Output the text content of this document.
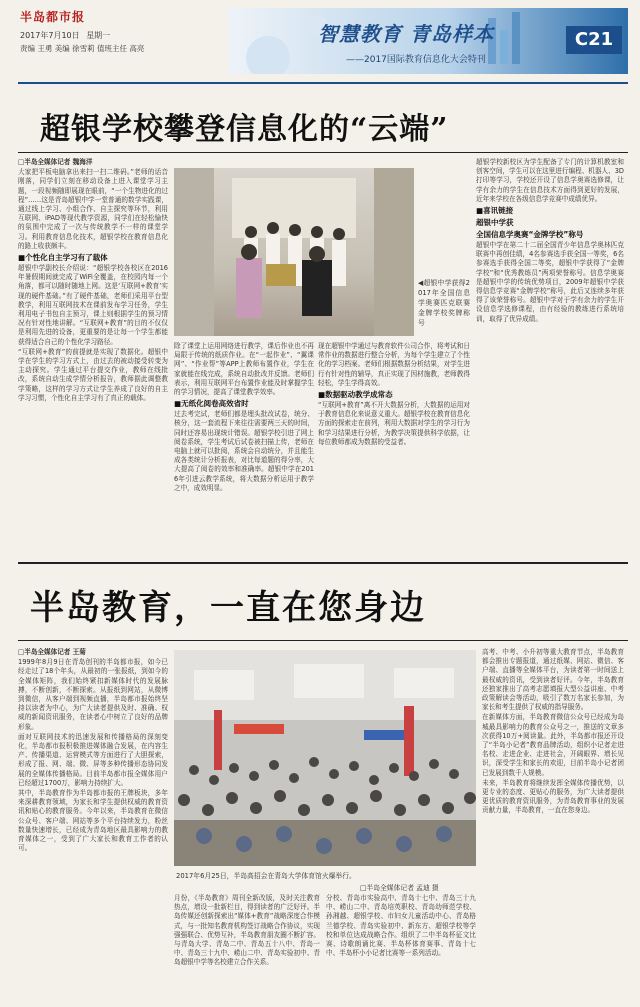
半岛都市报
2017年7月10日 星期一
责编 王勇 美编 徐雪莉 值班主任 高亮
智慧教育 青岛样本
——2017国际教育信息化大会特刊
C21
超银学校攀登信息化的“云端”

□半岛全媒体记者 魏海洋

大家把平板电脑拿出来扫一扫二维码。”老师的话音刚落，同学们立刻在移动设备上进入课堂学习主题，一段视频随即展现在眼前，“一个生物进化的过程”……这是青岛超银中学一堂普通的数学实践课，通过线上学习、小组合作、自主探究等环节，利用互联网、iPAD等现代教学资源，同学们在轻松愉快的氛围中完成了一次与传统教学不一样的课堂学习。利用教育信息化技术，超银学校在教育信息化的路上收获颇丰。

■个性化自主学习有了载体

超银中学副校长介绍说：“超银学校各校区在2016年暑假期间就完成了WiFi全覆盖，在校园内每一个角落，都可以随时随地上网。这是‘互联网+教育’实现的硬件基础。”有了硬件基础，老师们采用平台型教学，利用互联网技术在课前发布学习任务，学生利用电子书包自主预习，课上则根据学生的预习情况有针对性地讲解。“互联网+教育”的目的不仅仅是利用先进的设备，更重要的是让每一个学生都能获得适合自己的个性化学习路径。

“互联网+教育”的前提就是实现了数据化。超银中学在学生的学习方式上，由过去的被动接受转变为主动探究。学生通过平台提交作业，教师在线批改，系统自动生成学情分析报告，教师据此调整教学策略，这样的学习方式让学生养成了良好的自主学习习惯，个性化自主学习有了真正的载体。

◀超银中学获得2017年全国信息学奥赛匹克联赛金牌学校奖牌称号

除了课堂上运用网络进行教学，课后作业也不再局限于传统的纸质作业。在“一起作业”、“翼课网”、“作业帮”等APP上教师布置作业，学生在家就能在线完成，系统自动批改并反馈。老师们表示，利用互联网平台布置作业能及时掌握学生的学习情况，提高了课堂教学效率。

■无纸化阅卷高效省时

过去考完试，老师们都是埋头批改试卷，统分、核分，这一套流程下来往往需要两三天的时间，同时还容易出现统计错误。超银学校引进了网上阅卷系统，学生考试后试卷被扫描上传，老师在电脑上就可以批阅，系统会自动统分，并且能生成各类统计分析报表，对比每道题的得分率，大大提高了阅卷的效率和准确率。超银中学在2016年引进云教学系统，将大数据分析运用于教学之中，成效明显。

现在超银中学通过与教育软件公司合作，将考试和日常作业的数据进行整合分析，为每个学生建立了个性化的学习档案。老师们根据数据分析结果，对学生进行有针对性的辅导，真正实现了因材施教，老师教得轻松，学生学得高效。

■数据驱动教学成常态

“互联网+教育”离不开大数据分析，大数据的运用对于教育信息化来说意义重大。超银学校在教育信息化方面的探索走在前列，利用大数据对学生的学习行为和学习结果进行分析，为教学决策提供科学依据，让每位教师都成为数据的受益者。

超银学校新校区为学生配备了专门的计算机教室和创客空间，学生可以在这里进行编程、机器人、3D打印等学习，学校还开设了信息学奥赛选修课，让学有余力的学生在信息技术方面得到更好的发展，近年来学校在各级信息学竞赛中成绩优异。

■喜讯链接

超银中学获

全国信息学奥赛“金牌学校”称号

超银中学在第二十二届全国青少年信息学奥林匹克联赛中再创佳绩，4名参赛选手获全国一等奖，6名参赛选手获得全国二等奖，超银中学获得了“金牌学校”和“优秀教练员”两项荣誉称号。信息学奥赛是超银中学的传统优势项目，2009年超银中学获得信息学竞赛“金牌学校”称号，此后又连续多年获得了该荣誉称号。超银中学对于学有余力的学生开设信息学选修课程，由有经验的教练进行系统培训，取得了优异成绩。

半岛教育，一直在您身边

□半岛全媒体记者 王菊

1999年8月9日在青岛创刊的半岛都市报，如今已经走过了18个年头，从最初的一张报纸，到如今的全媒体矩阵，我们始终紧扣新媒体时代的发展脉搏，不断创新，不断探索。从报纸到网站，从微博到微信，从客户端到视频直播，半岛都市报始终坚持以读者为中心，为广大读者提供及时、准确、权威的新闻资讯服务，在读者心中树立了良好的品牌形象。

面对互联网技术的迅速发展和传播格局的深刻变化，半岛都市报积极推进媒体融合发展，在内容生产、传播渠道、运营模式等方面进行了大胆探索，形成了报、网、端、微、屏等多种传播形态协同发展的全媒体传播格局。目前半岛都市报全媒体用户已经超过1700万，影响力持续扩大。

其中，半岛教育作为半岛都市报的王牌板块，多年来深耕教育领域，为家长和学生提供权威的教育资讯和贴心的教育服务。今年以来，半岛教育在微信公众号、客户端、网站等多个平台持续发力，粉丝数量快速增长，已经成为青岛地区最具影响力的教育媒体之一，受到了广大家长和教育工作者的认可。

2017年6月25日，半岛高招会在青岛大学体育馆火爆举行。
□半岛全媒体记者 孟迪 摄

月份，《半岛教育》周刊全新改版，及时关注教育热点，增设一批新栏目，得到读者的广泛好评。半岛传媒还创新探索出“媒体+教育”战略深度合作模式，与一批知名教育机构签订战略合作协议，实现强强联合、优势互补，半岛教育朋友圈不断扩容。与青岛大学、青岛二中、青岛五十八中、青岛一中、青岛三十九中、崂山二中、青岛实验初中、青岛超银中学等名校建立合作关系。

分校、青岛市实验高中、青岛十七中、青岛三十九中、崂山二中、青岛培英职校、青岛幼师范学校、孙湘越、超银学校、市妇女儿童活动中心、青岛格兰德学校、青岛实验初中、新东方、超银学校等学校和单位达成战略合作。组织了二中半岛杯征文比赛、诗歌朗诵比赛、半岛杯体育赛事、青岛十七中、半岛杯小小记者比赛等一系列活动。

高考、中考、小升初等重大教育节点，半岛教育都会推出专题报道，通过纸媒、网站、微信、客户端、直播等全媒体平台，为读者第一时间送上最权威的资讯，受到读者好评。今年，半岛教育还独家推出了高考志愿填报大型公益讲座、中考政策解读会等活动，吸引了数万名家长参加，为家长和考生提供了权威的指导服务。

在新媒体方面，半岛教育微信公众号已经成为岛城最具影响力的教育公众号之一，推送的文章多次获得10万+阅读量。此外，半岛都市报还开设了“半岛小记者”教育品牌活动，组织小记者走进名校、走进企业、走进社会，开阔眼界、增长见识，深受学生和家长的欢迎，目前半岛小记者团已发展到数千人规模。

未来，半岛教育将继续发挥全媒体传播优势，以更专业的态度、更贴心的服务，为广大读者提供更优质的教育资讯服务，为青岛教育事业的发展贡献力量，半岛教育，一直在您身边。
